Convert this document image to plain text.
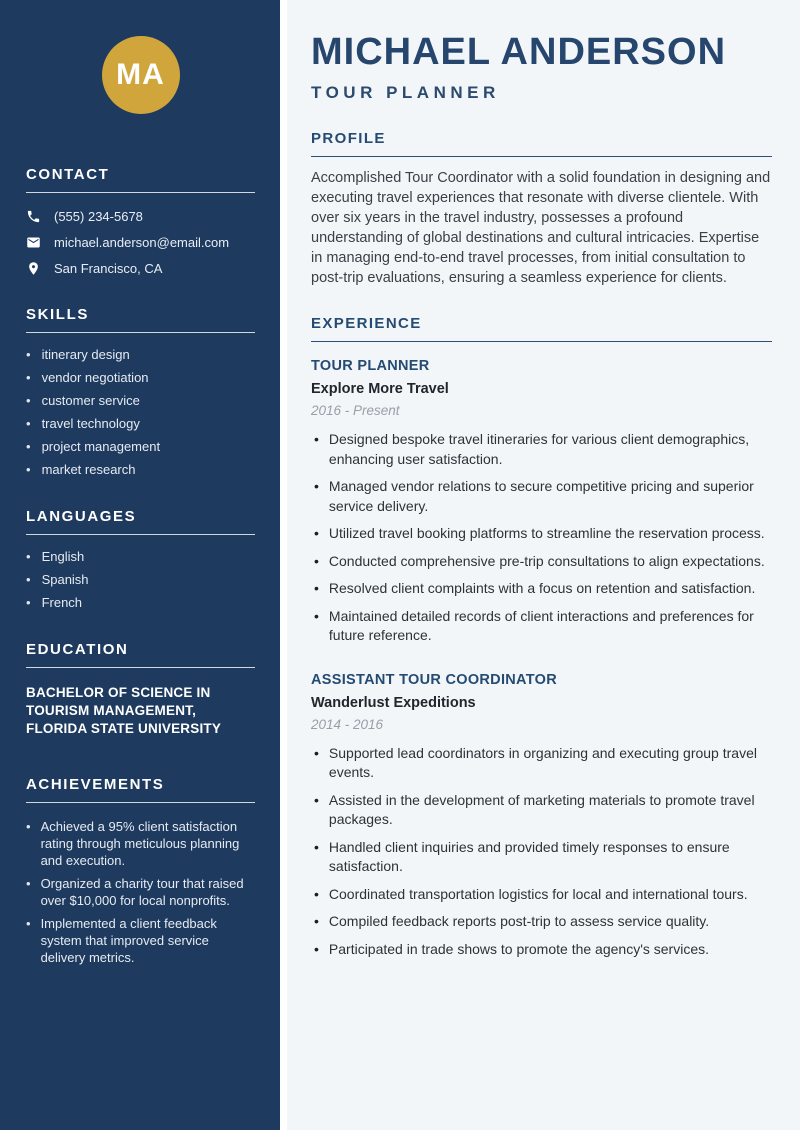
MA
CONTACT
(555) 234-5678
michael.anderson@email.com
San Francisco, CA
SKILLS
• itinerary design
• vendor negotiation
• customer service
• travel technology
• project management
• market research
LANGUAGES
• English
• Spanish
• French
EDUCATION

BACHELOR OF SCIENCE IN TOURISM MANAGEMENT, FLORIDA STATE UNIVERSITY

ACHIEVEMENTS
• Achieved a 95% client satisfaction rating through meticulous planning and execution.
• Organized a charity tour that raised over $10,000 for local nonprofits.
• Implemented a client feedback system that improved service delivery metrics.
MICHAEL ANDERSON
TOUR PLANNER
PROFILE

Accomplished Tour Coordinator with a solid foundation in designing and executing travel experiences that resonate with diverse clientele. With over six years in the travel industry, possesses a profound understanding of global destinations and cultural intricacies. Expertise in managing end-to-end travel processes, from initial consultation to post-trip evaluations, ensuring a seamless experience for clients.

EXPERIENCE
TOUR PLANNER
Explore More Travel
2016 - Present
• Designed bespoke travel itineraries for various client demographics, enhancing user satisfaction.
• Managed vendor relations to secure competitive pricing and superior service delivery.
• Utilized travel booking platforms to streamline the reservation process.
• Conducted comprehensive pre-trip consultations to align expectations.
• Resolved client complaints with a focus on retention and satisfaction.
• Maintained detailed records of client interactions and preferences for future reference.
ASSISTANT TOUR COORDINATOR
Wanderlust Expeditions
2014 - 2016
• Supported lead coordinators in organizing and executing group travel events.
• Assisted in the development of marketing materials to promote travel packages.
• Handled client inquiries and provided timely responses to ensure satisfaction.
• Coordinated transportation logistics for local and international tours.
• Compiled feedback reports post-trip to assess service quality.
• Participated in trade shows to promote the agency's services.
